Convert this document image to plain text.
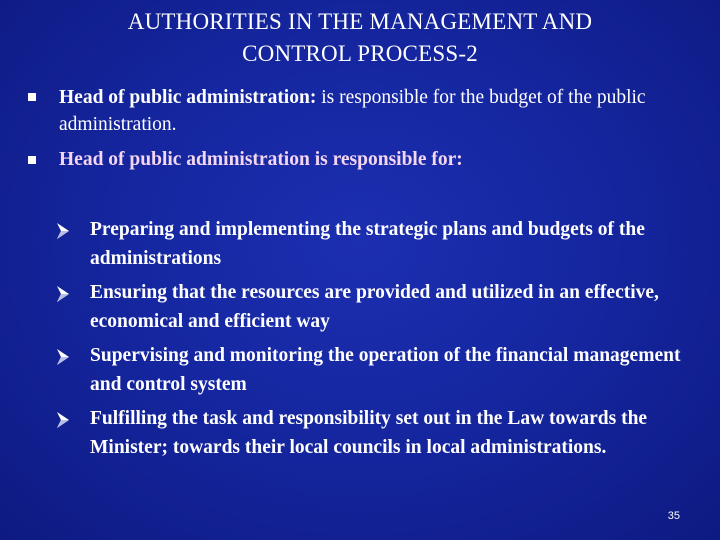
AUTHORITIES IN THE MANAGEMENT AND
CONTROL PROCESS-2
Head of public administration: is responsible for the budget of the public administration.
Head of public administration is responsible for:
Preparing and implementing the strategic plans and budgets of the administrations
Ensuring that the resources are provided and utilized in an effective, economical and efficient way
Supervising and monitoring the operation of the financial management and control system
Fulfilling the task and responsibility set out in the Law towards the Minister; towards their local councils in local administrations.
35
